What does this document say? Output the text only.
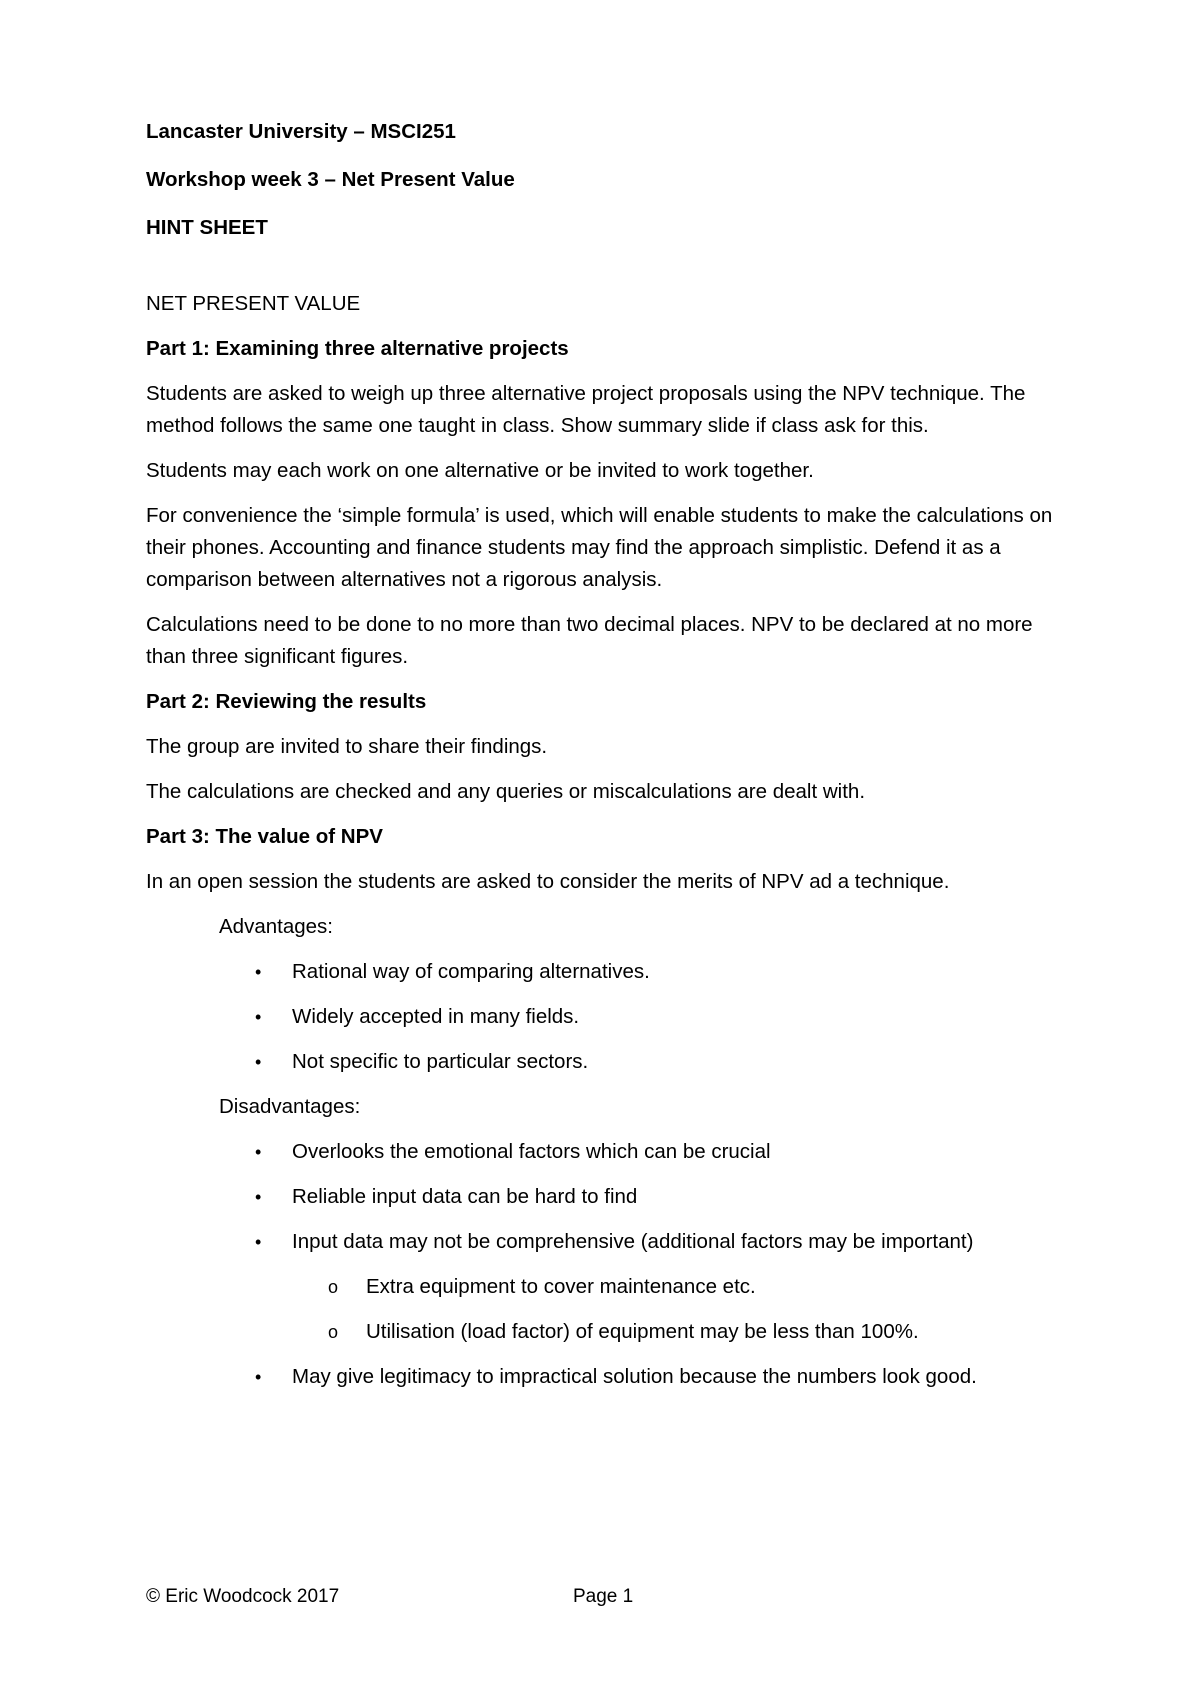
Lancaster University – MSCI251

Workshop week 3 – Net Present Value

HINT SHEET

NET PRESENT VALUE

Part 1: Examining three alternative projects

Students are asked to weigh up three alternative project proposals using the NPV technique. The method follows the same one taught in class. Show summary slide if class ask for this.

Students may each work on one alternative or be invited to work together.

For convenience the ‘simple formula’ is used, which will enable students to make the calculations on their phones. Accounting and finance students may find the approach simplistic. Defend it as a comparison between alternatives not a rigorous analysis.

Calculations need to be done to no more than two decimal places. NPV to be declared at no more than three significant figures.

Part 2: Reviewing the results

The group are invited to share their findings.

The calculations are checked and any queries or miscalculations are dealt with.

Part 3: The value of NPV

In an open session the students are asked to consider the merits of NPV ad a technique.

Advantages:

• Rational way of comparing alternatives.
• Widely accepted in many fields.
• Not specific to particular sectors.

Disadvantages:

• Overlooks the emotional factors which can be crucial
• Reliable input data can be hard to find
• Input data may not be comprehensive (additional factors may be important)
o Extra equipment to cover maintenance etc.
o Utilisation (load factor) of equipment may be less than 100%.
• May give legitimacy to impractical solution because the numbers look good.
© Eric Woodcock 2017	Page 1
